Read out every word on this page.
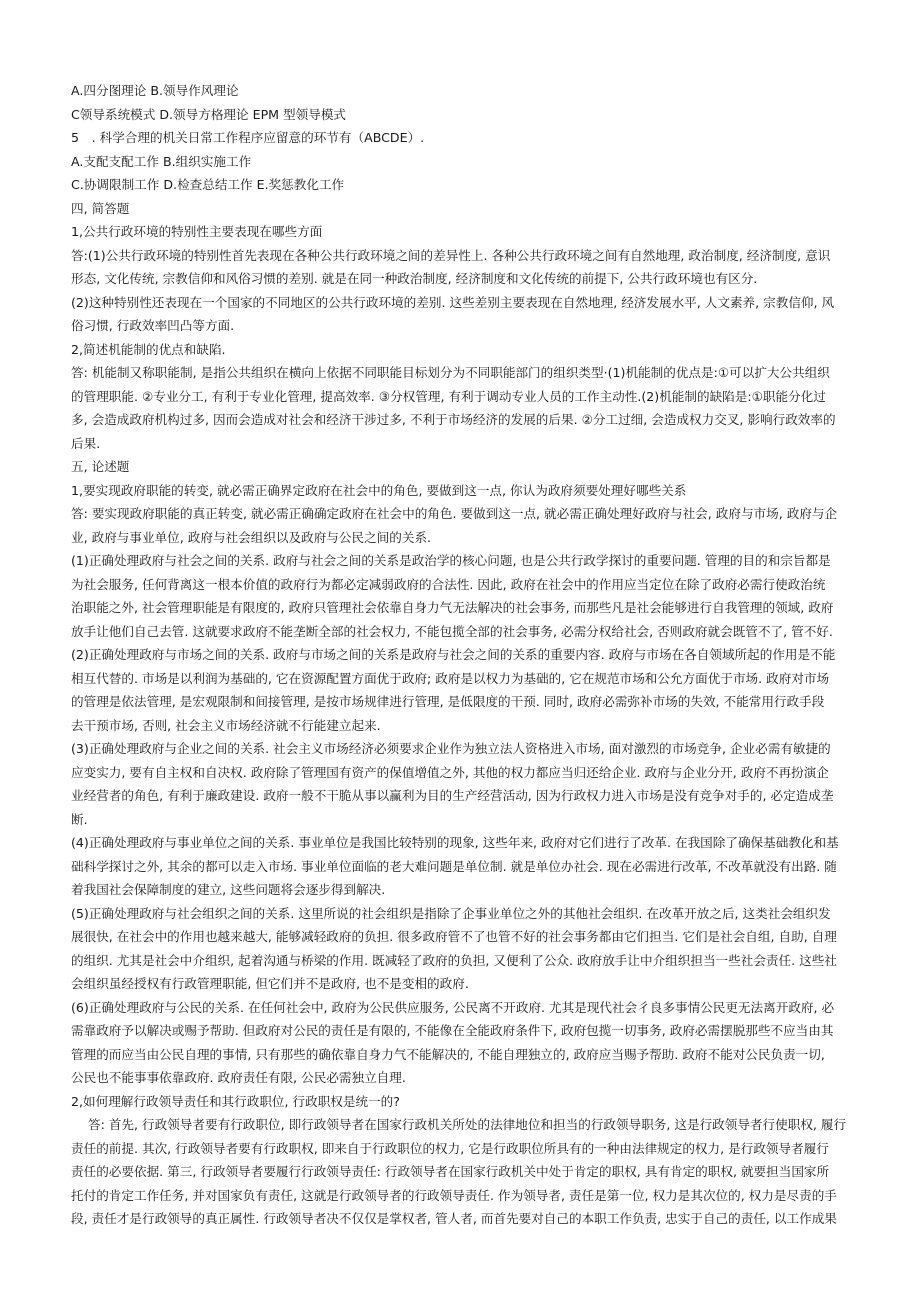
A.四分图理论 B.领导作风理论
C领导系统模式 D.领导方格理论 EPM 型领导模式
5　. 科学合理的机关日常工作程序应留意的环节有（ABCDE）.
A.支配支配工作 B.组织实施工作
C.协调限制工作 D.检查总结工作 E.奖惩教化工作
四, 简答题
1,公共行政环境的特别性主要表现在哪些方面
答:(1)公共行政环境的特别性首先表现在各种公共行政环境之间的差异性上. 各种公共行政环境之间有自然地理, 政治制度, 经济制度, 意识
形态, 文化传统, 宗教信仰和风俗习惯的差别. 就是在同一种政治制度, 经济制度和文化传统的前提下, 公共行政环境也有区分.
(2)这种特别性还表现在一个国家的不同地区的公共行政环境的差别. 这些差别主要表现在自然地理, 经济发展水平, 人文素养, 宗教信仰, 风
俗习惯, 行政效率凹凸等方面.
2,简述机能制的优点和缺陷.
答: 机能制又称职能制, 是指公共组织在横向上依据不同职能目标划分为不同职能部门的组织类型·(1)机能制的优点是:①可以扩大公共组织
的管理职能. ②专业分工, 有利于专业化管理, 提高效率. ③分权管理, 有利于调动专业人员的工作主动性.(2)机能制的缺陷是:①职能分化过
多, 会造成政府机构过多, 因而会造成对社会和经济干涉过多, 不利于市场经济的发展的后果. ②分工过细, 会造成权力交叉, 影响行政效率的
后果.
五, 论述题
1,要实现政府职能的转变, 就必需正确界定政府在社会中的角色, 要做到这一点, 你认为政府须要处理好哪些关系
答: 要实现政府职能的真正转变, 就必需正确确定政府在社会中的角色. 要做到这一点, 就必需正确处理好政府与社会, 政府与市场, 政府与企
业, 政府与事业单位, 政府与社会组织以及政府与公民之间的关系.
(1)正确处理政府与社会之间的关系. 政府与社会之间的关系是政治学的核心问题, 也是公共行政学探讨的重要问题. 管理的目的和宗旨都是
为社会服务, 任何背离这一根本价值的政府行为都必定减弱政府的合法性. 因此, 政府在社会中的作用应当定位在除了政府必需行使政治统
治职能之外, 社会管理职能是有限度的, 政府只管理社会依靠自身力气无法解决的社会事务, 而那些凡是社会能够进行自我管理的领域, 政府
放手让他们自己去管. 这就要求政府不能垄断全部的社会权力, 不能包揽全部的社会事务, 必需分权给社会, 否则政府就会既管不了, 管不好.
(2)正确处理政府与市场之间的关系. 政府与市场之间的关系是政府与社会之间的关系的重要内容. 政府与市场在各自领域所起的作用是不能
相互代替的. 市场是以利润为基础的, 它在资源配置方面优于政府; 政府是以权力为基础的, 它在规范市场和公允方面优于市场. 政府对市场
的管理是依法管理, 是宏观限制和间接管理, 是按市场规律进行管理, 是低限度的干预. 同时, 政府必需弥补市场的失效, 不能常用行政手段
去干预市场, 否则, 社会主义市场经济就不行能建立起来.
(3)正确处理政府与企业之间的关系. 社会主义市场经济必须要求企业作为独立法人资格进入市场, 面对激烈的市场竞争, 企业必需有敏捷的
应变实力, 要有自主权和自决权. 政府除了管理国有资产的保值增值之外, 其他的权力都应当归还给企业. 政府与企业分开, 政府不再扮演企
业经营者的角色, 有利于廉政建设. 政府一般不干脆从事以赢利为目的生产经营活动, 因为行政权力进入市场是没有竞争对手的, 必定造成垄
断.
(4)正确处理政府与事业单位之间的关系. 事业单位是我国比较特别的现象, 这些年来, 政府对它们进行了改革. 在我国除了确保基础教化和基
础科学探讨之外, 其余的都可以走入市场. 事业单位面临的老大难问题是单位制. 就是单位办社会. 现在必需进行改革, 不改革就没有出路. 随
着我国社会保障制度的建立, 这些问题将会逐步得到解决.
(5)正确处理政府与社会组织之间的关系. 这里所说的社会组织是指除了企事业单位之外的其他社会组织. 在改革开放之后, 这类社会组织发
展很快, 在社会中的作用也越来越大, 能够减轻政府的负担. 很多政府管不了也管不好的社会事务都由它们担当. 它们是社会自组, 自助, 自理
的组织. 尤其是社会中介组织, 起着沟通与桥梁的作用. 既减轻了政府的负担, 又便利了公众. 政府放手让中介组织担当一些社会责任. 这些社
会组织虽经授权有行政管理职能, 但它们并不是政府, 也不是变相的政府.
(6)正确处理政府与公民的关系. 在任何社会中, 政府为公民供应服务, 公民离不开政府. 尤其是现代社会彳良多事情公民更无法离开政府, 必
需靠政府予以解决或赐予帮助. 但政府对公民的责任是有限的, 不能像在全能政府条件下, 政府包揽一切事务, 政府必需摆脱那些不应当由其
管理的而应当由公民自理的事情, 只有那些的确依靠自身力气不能解决的, 不能自理独立的, 政府应当赐予帮助. 政府不能对公民负责一切,
公民也不能事事依靠政府. 政府责任有限, 公民必需独立自理.
2,如何理解行政领导责任和其行政职位, 行政职权是统一的?
答: 首先, 行政领导者要有行政职位, 即行政领导者在国家行政机关所处的法律地位和担当的行政领导职务, 这是行政领导者行使职权, 履行
责任的前提. 其次, 行政领导者要有行政职权, 即来自于行政职位的权力, 它是行政职位所具有的一种由法律规定的权力, 是行政领导者履行
责任的必要依据. 第三, 行政领导者要履行行政领导责任: 行政领导者在国家行政机关中处于肯定的职权, 具有肯定的职权, 就要担当国家所
托付的肯定工作任务, 并对国家负有责任, 这就是行政领导者的行政领导责任. 作为领导者, 责任是第一位, 权力是其次位的, 权力是尽责的手
段, 责任才是行政领导的真正属性. 行政领导者决不仅仅是掌权者, 管人者, 而首先要对自己的本职工作负责, 忠实于自己的责任, 以工作成果
